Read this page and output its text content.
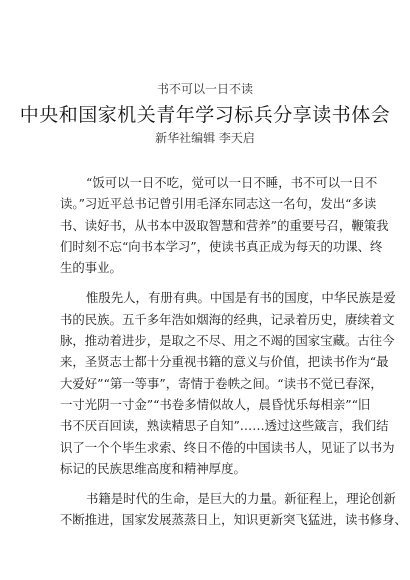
书不可以一日不读
中央和国家机关青年学习标兵分享读书体会
新华社编辑 李天启
“饭可以一日不吃，觉可以一日不睡，书不可以一日不
读。”习近平总书记曾引用毛泽东同志这一名句，发出“多读
书、读好书，从书本中汲取智慧和营养”的重要号召，鞭策我
们时刻不忘“向书本学习”，使读书真正成为每天的功课、终
生的事业。
惟殷先人，有册有典。中国是有书的国度，中华民族是爱
书的民族。五千多年浩如烟海的经典，记录着历史，赓续着文
脉，推动着进步，是取之不尽、用之不竭的国家宝藏。古往今
来，圣贤志士都十分重视书籍的意义与价值，把读书作为“最
大爱好”“第一等事”，寄情于卷帙之间。“读书不觉已春深，
一寸光阴一寸金”“书卷多情似故人，晨昏忧乐每相亲”“旧
书不厌百回读，熟读精思子自知”……透过这些箴言，我们结
识了一个个毕生求索、终日不倦的中国读书人，见证了以书为
标记的民族思维高度和精神厚度。
书籍是时代的生命，是巨大的力量。新征程上，理论创新
不断推进，国家发展蒸蒸日上，知识更新突飞猛进，读书修身、
